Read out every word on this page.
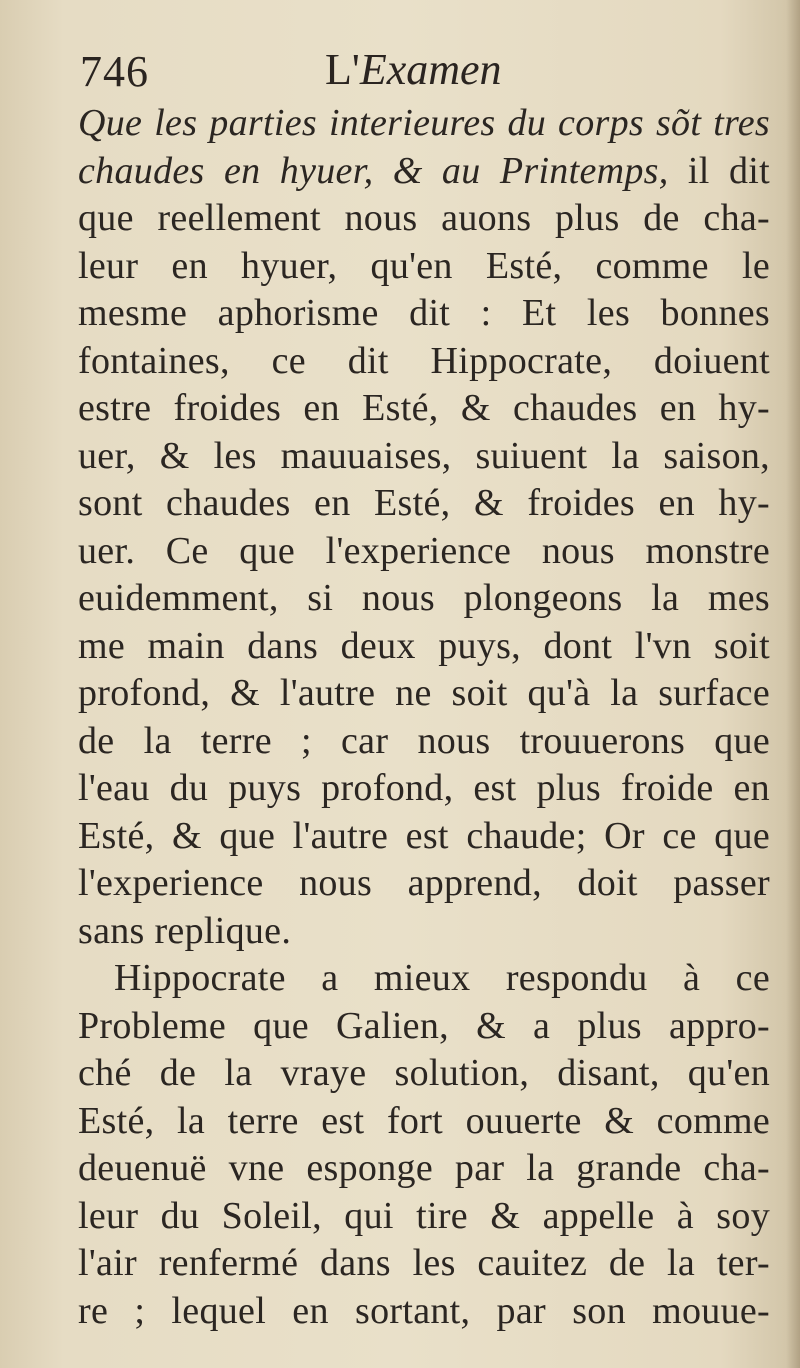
746	L'Examen
Que les parties interieures du corps sõt tres
chaudes en hyuer, & au Printemps, il dit
que reellement nous auons plus de cha-
leur en hyuer, qu'en Esté, comme le
mesme aphorisme dit : Et les bonnes
fontaines, ce dit Hippocrate, doiuent
estre froides en Esté, & chaudes en hy-
uer, & les mauuaises, suiuent la saison,
sont chaudes en Esté, & froides en hy-
uer. Ce que l'experience nous monstre
euidemment, si nous plongeons la mes
me main dans deux puys, dont l'vn soit
profond, & l'autre ne soit qu'à la surface
de la terre ; car nous trouuerons que
l'eau du puys profond, est plus froide en
Esté, & que l'autre est chaude; Or ce que
l'experience nous apprend, doit passer
sans replique.
Hippocrate a mieux respondu à ce
Probleme que Galien, & a plus appro-
ché de la vraye solution, disant, qu'en
Esté, la terre est fort ouuerte & comme
deuenuë vne esponge par la grande cha-
leur du Soleil, qui tire & appelle à soy
l'air renfermé dans les cauitez de la ter-
re ; lequel en sortant, par son mouue-
